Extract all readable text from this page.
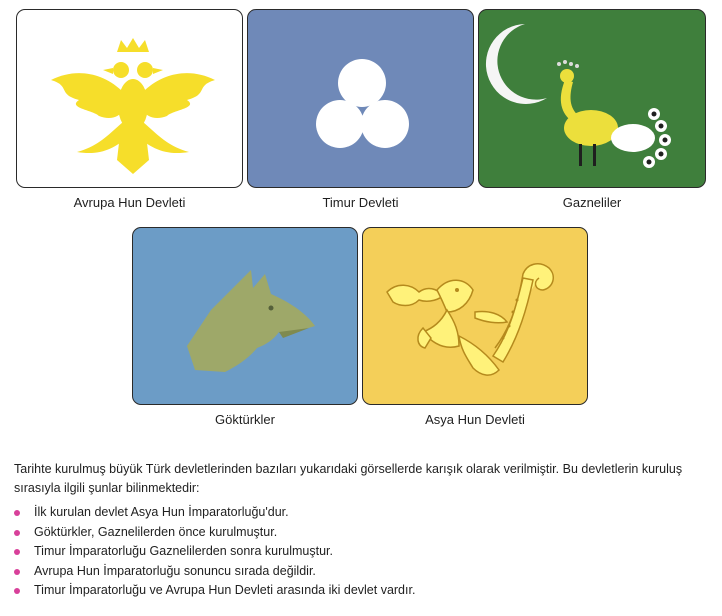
Avrupa Hun Devleti	Timur Devleti	Gazneliler
Göktürkler	Asya Hun Devleti

Tarihte kurulmuş büyük Türk devletlerinden bazıları yukarıdaki görsellerde karışık olarak verilmiştir. Bu devletlerin kuruluş sırasıyla ilgili şunlar bilinmektedir:

İlk kurulan devlet Asya Hun İmparatorluğu'dur.
Göktürkler, Gaznelilerden önce kurulmuştur.
Timur İmparatorluğu Gaznelilerden sonra kurulmuştur.
Avrupa Hun İmparatorluğu sonuncu sırada değildir.
Timur İmparatorluğu ve Avrupa Hun Devleti arasında iki devlet vardır.
